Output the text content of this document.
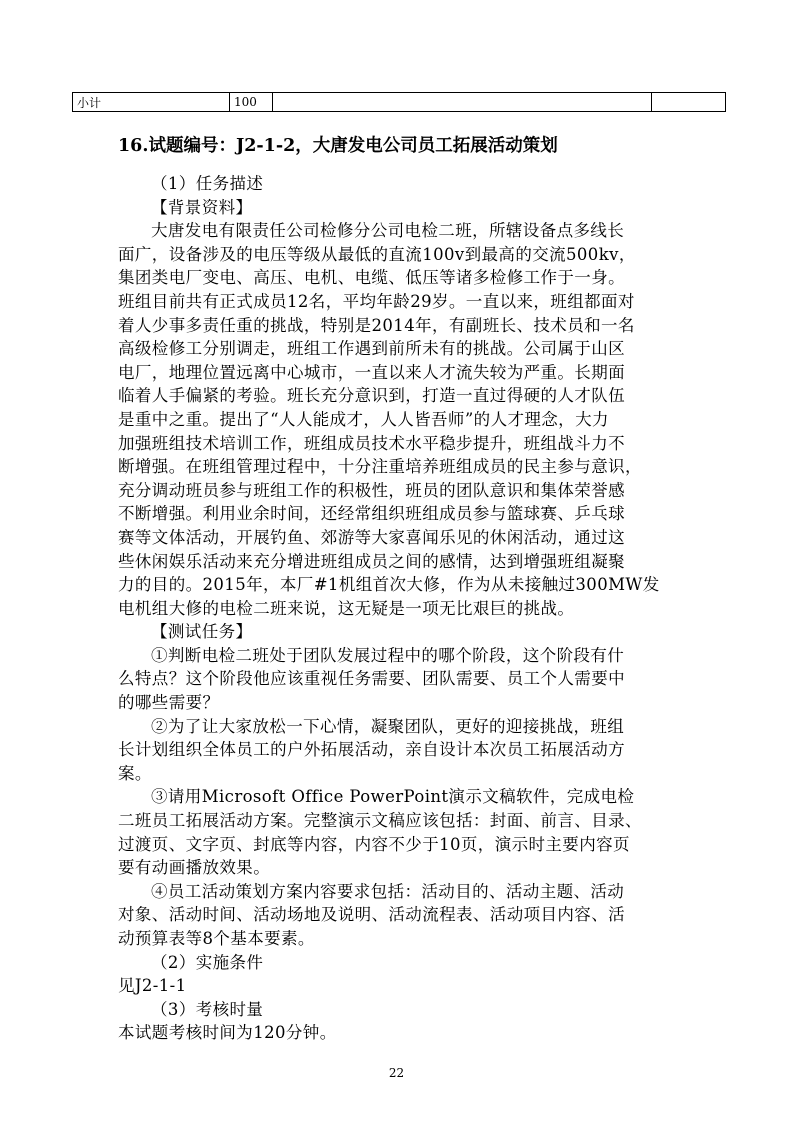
小计	100		
16.试题编号：J2-1-2，大唐发电公司员工拓展活动策划

（1）任务描述

【背景资料】

大唐发电有限责任公司检修分公司电检二班，所辖设备点多线长

面广，设备涉及的电压等级从最低的直流100v到最高的交流500kv，

集团类电厂变电、高压、电机、电缆、低压等诸多检修工作于一身。

班组目前共有正式成员12名，平均年龄29岁。一直以来，班组都面对

着人少事多责任重的挑战，特别是2014年，有副班长、技术员和一名

高级检修工分别调走，班组工作遇到前所未有的挑战。公司属于山区

电厂，地理位置远离中心城市，一直以来人才流失较为严重。长期面

临着人手偏紧的考验。班长充分意识到，打造一直过得硬的人才队伍

是重中之重。提出了“人人能成才，人人皆吾师”的人才理念，大力

加强班组技术培训工作，班组成员技术水平稳步提升，班组战斗力不

断增强。在班组管理过程中，十分注重培养班组成员的民主参与意识，

充分调动班员参与班组工作的积极性，班员的团队意识和集体荣誉感

不断增强。利用业余时间，还经常组织班组成员参与篮球赛、乒乓球

赛等文体活动，开展钓鱼、郊游等大家喜闻乐见的休闲活动，通过这

些休闲娱乐活动来充分增进班组成员之间的感情，达到增强班组凝聚

力的目的。2015年，本厂#1机组首次大修，作为从未接触过300MW发

电机组大修的电检二班来说，这无疑是一项无比艰巨的挑战。

【测试任务】

①判断电检二班处于团队发展过程中的哪个阶段，这个阶段有什

么特点？这个阶段他应该重视任务需要、团队需要、员工个人需要中

的哪些需要？

②为了让大家放松一下心情，凝聚团队，更好的迎接挑战，班组

长计划组织全体员工的户外拓展活动，亲自设计本次员工拓展活动方

案。

③请用Microsoft Office PowerPoint演示文稿软件，完成电检

二班员工拓展活动方案。完整演示文稿应该包括：封面、前言、目录、

过渡页、文字页、封底等内容，内容不少于10页，演示时主要内容页

要有动画播放效果。

④员工活动策划方案内容要求包括：活动目的、活动主题、活动

对象、活动时间、活动场地及说明、活动流程表、活动项目内容、活

动预算表等8个基本要素。

（2）实施条件

见J2-1-1

（3）考核时量

本试题考核时间为120分钟。

22
